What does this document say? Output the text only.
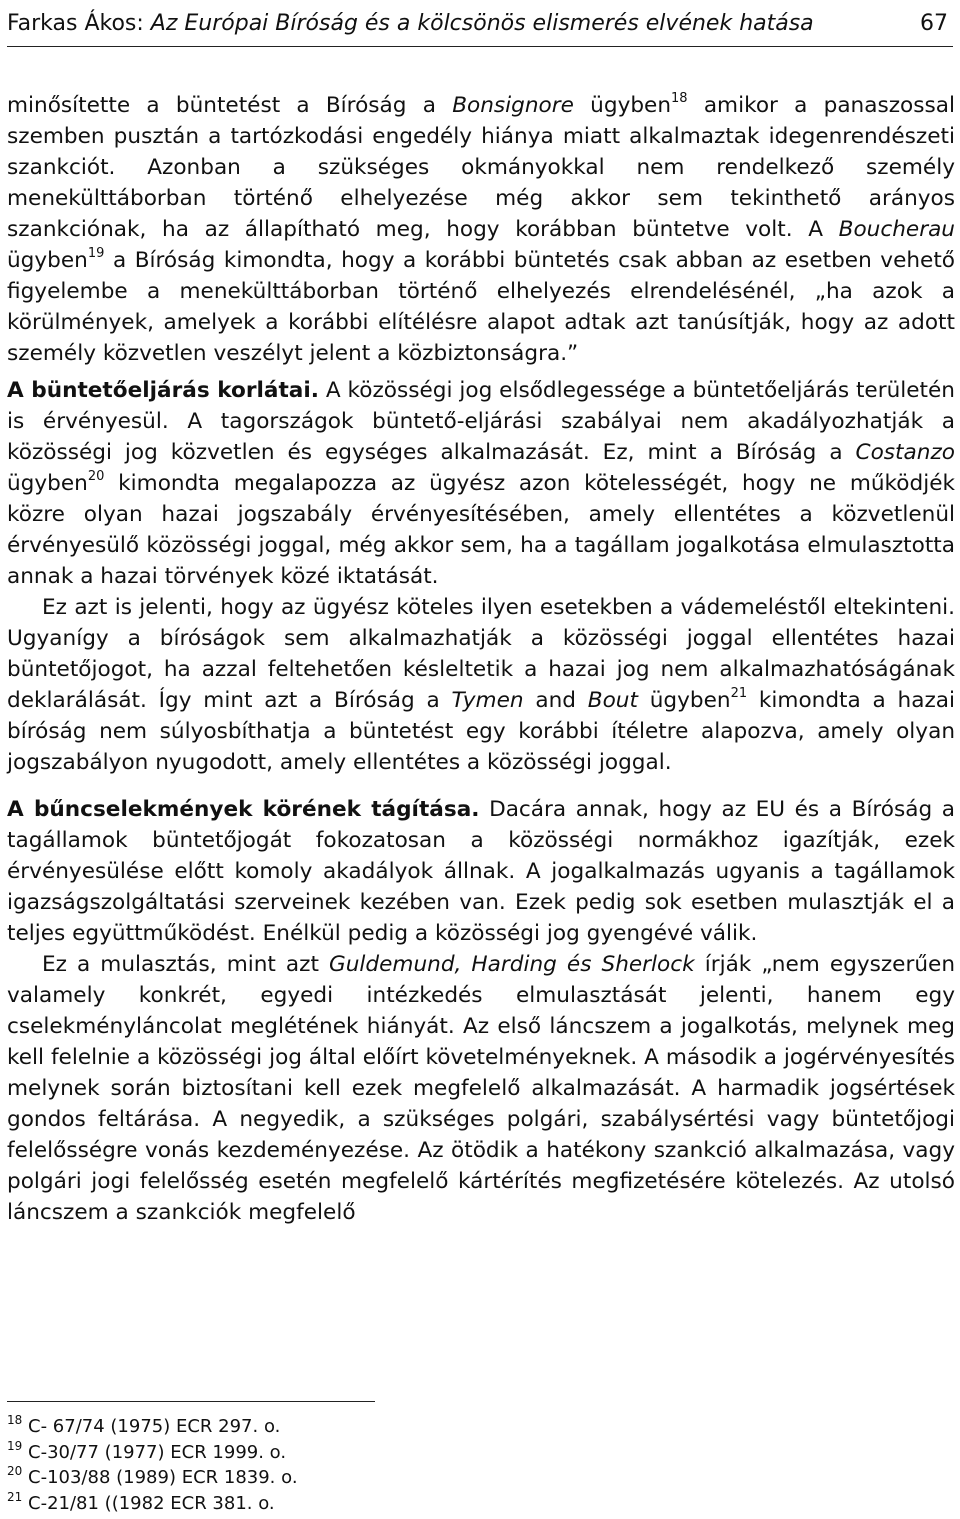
Farkas Ákos: Az Európai Bíróság és a kölcsönös elismerés elvének hatása	67

minősítette a büntetést a Bíróság a Bonsignore ügyben$^{18}$ amikor a panaszossal szemben pusztán a tartózkodási engedély hiánya miatt alkalmaztak idegenrendészeti szankciót. Azonban a szükséges okmányokkal nem rendelkező személy menekülttáborban történő elhelyezése még akkor sem tekinthető arányos szankciónak, ha az állapítható meg, hogy korábban büntetve volt. A Boucherau ügyben$^{19}$ a Bíróság kimondta, hogy a korábbi büntetés csak abban az esetben vehető figyelembe a menekülttáborban történő elhelyezés elrendelésénél, „ha azok a körülmények, amelyek a korábbi elítélésre alapot adtak azt tanúsítják, hogy az adott személy közvetlen veszélyt jelent a közbiztonságra.”

A büntetőeljárás korlátai. A közösségi jog elsődlegessége a büntetőeljárás területén is érvényesül. A tagországok büntető-eljárási szabályai nem akadályozhatják a közösségi jog közvetlen és egységes alkalmazását. Ez, mint a Bíróság a Costanzo ügyben$^{20}$ kimondta megalapozza az ügyész azon kötelességét, hogy ne működjék közre olyan hazai jogszabály érvényesítésében, amely ellentétes a közvetlenül érvényesülő közösségi joggal, még akkor sem, ha a tagállam jogalkotása elmulasztotta annak a hazai törvények közé iktatását.

Ez azt is jelenti, hogy az ügyész köteles ilyen esetekben a vádemeléstől eltekinteni. Ugyanígy a bíróságok sem alkalmazhatják a közösségi joggal ellentétes hazai büntetőjogot, ha azzal feltehetően késleltetik a hazai jog nem alkalmazhatóságának deklarálását. Így mint azt a Bíróság a Tymen and Bout ügyben$^{21}$ kimondta a hazai bíróság nem súlyosbíthatja a büntetést egy korábbi ítéletre alapozva, amely olyan jogszabályon nyugodott, amely ellentétes a közösségi joggal.

A bűncselekmények körének tágítása. Dacára annak, hogy az EU és a Bíróság a tagállamok büntetőjogát fokozatosan a közösségi normákhoz igazítják, ezek érvényesülése előtt komoly akadályok állnak. A jogalkalmazás ugyanis a tagállamok igazságszolgáltatási szerveinek kezében van. Ezek pedig sok esetben mulasztják el a teljes együttműködést. Enélkül pedig a közösségi jog gyengévé válik.

Ez a mulasztás, mint azt Guldemund, Harding és Sherlock írják „nem egyszerűen valamely konkrét, egyedi intézkedés elmulasztását jelenti, hanem egy cselekményláncolat meglétének hiányát. Az első láncszem a jogalkotás, melynek meg kell felelnie a közösségi jog által előírt követelményeknek. A második a jogérvényesítés melynek során biztosítani kell ezek megfelelő alkalmazását. A harmadik jogsértések gondos feltárása. A negyedik, a szükséges polgári, szabálysértési vagy büntetőjogi felelősségre vonás kezdeményezése. Az ötödik a hatékony szankció alkalmazása, vagy polgári jogi felelősség esetén megfelelő kártérítés megfizetésére kötelezés. Az utolsó láncszem a szankciók megfelelő

$^{18}$ C- 67/74 (1975) ECR 297. o.
$^{19}$ C-30/77 (1977) ECR 1999. o.
$^{20}$ C-103/88 (1989) ECR 1839. o.
$^{21}$ C-21/81 ((1982 ECR 381. o.
